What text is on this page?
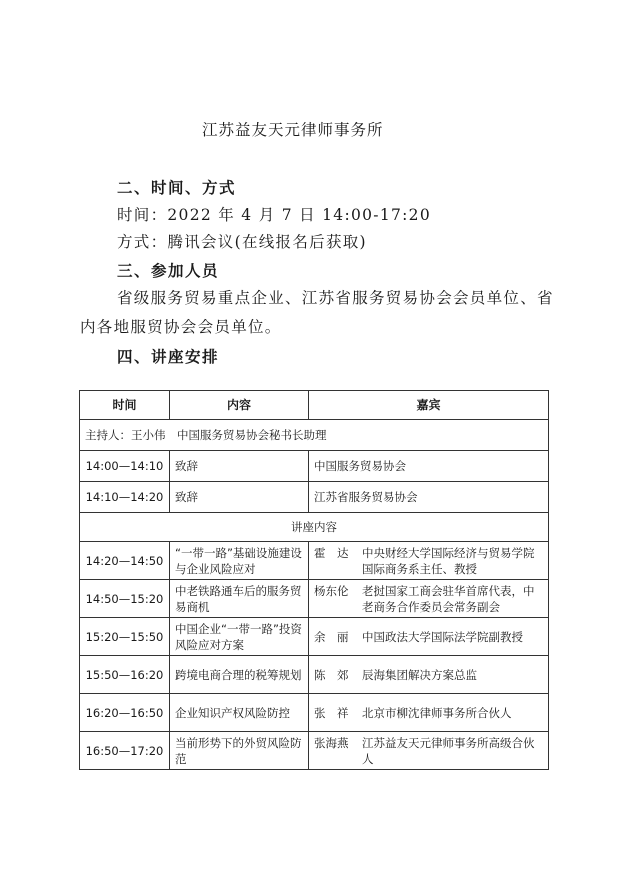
江苏益友天元律师事务所
二、时间、方式
时间：2022 年 4 月 7 日 14:00-17:20
方式：腾讯会议(在线报名后获取)
三、参加人员
省级服务贸易重点企业、江苏省服务贸易协会会员单位、省
内各地服贸协会会员单位。
四、讲座安排
时间	内容	嘉宾
主持人：王小伟　中国服务贸易协会秘书长助理		
14:00—14:10	致辞	中国服务贸易协会
14:10—14:20	致辞	江苏省服务贸易协会
讲座内容		
14:20—14:50	“一带一路”基础设施建设与企业风险应对	霍　达 中央财经大学国际经济与贸易学院国际商务系主任、教授

14:50—15:20	中老铁路通车后的服务贸易商机	杨东伦 老挝国家工商会驻华首席代表，中老商务合作委员会常务副会

15:20—15:50	中国企业“一带一路”投资风险应对方案	余　丽 中国政法大学国际法学院副教授

15:50—16:20	跨境电商合理的税筹规划	陈　郊 辰海集团解决方案总监

16:20—16:50	企业知识产权风险防控	张　祥 北京市柳沈律师事务所合伙人

16:50—17:20	当前形势下的外贸风险防范	张海燕 江苏益友天元律师事务所高级合伙人
